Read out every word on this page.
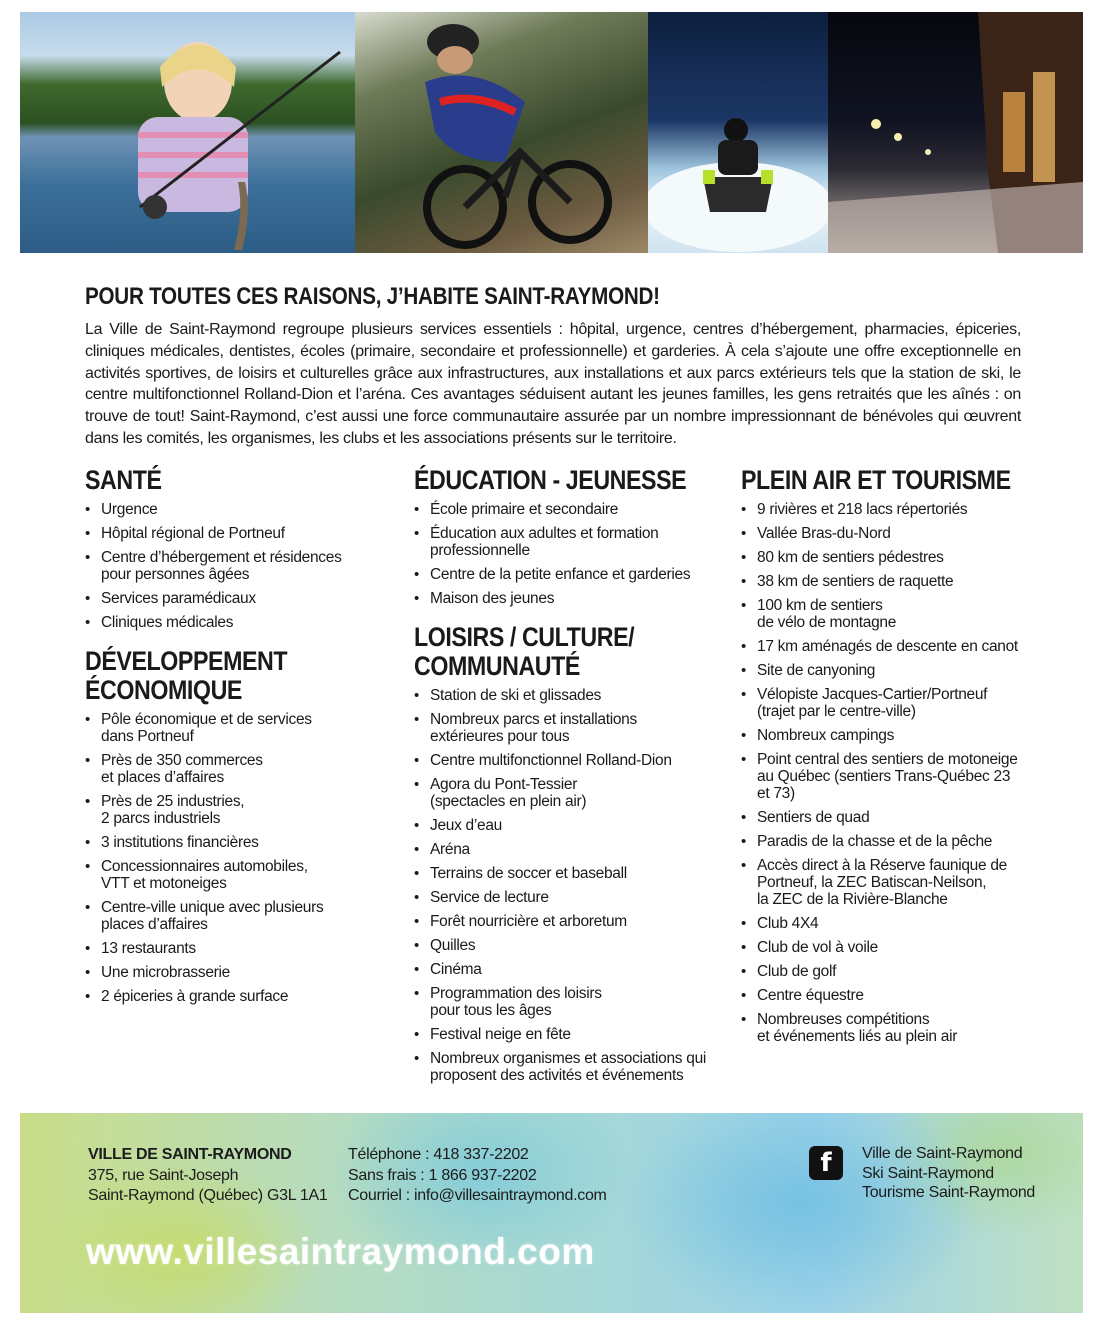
POUR TOUTES CES RAISONS, J’HABITE SAINT-RAYMOND!

La Ville de Saint-Raymond regroupe plusieurs services essentiels : hôpital, urgence, centres d’hébergement, pharmacies, épiceries, cliniques médicales, dentistes, écoles (primaire, secondaire et professionnelle) et garderies. À cela s’ajoute une offre exceptionnelle en activités sportives, de loisirs et culturelles grâce aux infrastructures, aux installations et aux parcs extérieurs tels que la station de ski, le centre multifonctionnel Rolland-Dion et l’aréna. Ces avantages séduisent autant les jeunes familles, les gens retraités que les aînés : on trouve de tout! Saint-Raymond, c’est aussi une force communautaire assurée par un nombre impressionnant de bénévoles qui œuvrent dans les comités, les organismes, les clubs et les associations présents sur le territoire.

SANTÉ
• Urgence
• Hôpital régional de Portneuf
• Centre d’hébergement et résidences
pour personnes âgées
• Services paramédicaux
• Cliniques médicales
DÉVELOPPEMENT
ÉCONOMIQUE
• Pôle économique et de services
dans Portneuf
• Près de 350 commerces
et places d’affaires
• Près de 25 industries,
2 parcs industriels
• 3 institutions financières
• Concessionnaires automobiles,
VTT et motoneiges
• Centre-ville unique avec plusieurs
places d’affaires
• 13 restaurants
• Une microbrasserie
• 2 épiceries à grande surface
ÉDUCATION - JEUNESSE
• École primaire et secondaire
• Éducation aux adultes et formation
professionnelle
• Centre de la petite enfance et garderies
• Maison des jeunes
LOISIRS / CULTURE/
COMMUNAUTÉ
• Station de ski et glissades
• Nombreux parcs et installations
extérieures pour tous
• Centre multifonctionnel Rolland-Dion
• Agora du Pont-Tessier
(spectacles en plein air)
• Jeux d’eau
• Aréna
• Terrains de soccer et baseball
• Service de lecture
• Forêt nourricière et arboretum
• Quilles
• Cinéma
• Programmation des loisirs
pour tous les âges
• Festival neige en fête
• Nombreux organismes et associations qui
proposent des activités et événements
PLEIN AIR ET TOURISME
• 9 rivières et 218 lacs répertoriés
• Vallée Bras-du-Nord
• 80 km de sentiers pédestres
• 38 km de sentiers de raquette
• 100 km de sentiers
de vélo de montagne
• 17 km aménagés de descente en canot
• Site de canyoning
• Vélopiste Jacques-Cartier/Portneuf
(trajet par le centre-ville)
• Nombreux campings
• Point central des sentiers de motoneige
au Québec (sentiers Trans-Québec 23
et 73)
• Sentiers de quad
• Paradis de la chasse et de la pêche
• Accès direct à la Réserve faunique de
Portneuf, la ZEC Batiscan-Neilson,
la ZEC de la Rivière-Blanche
• Club 4X4
• Club de vol à voile
• Club de golf
• Centre équestre
• Nombreuses compétitions
et événements liés au plein air
VILLE DE SAINT-RAYMOND
375, rue Saint-Joseph
Saint-Raymond (Québec) G3L 1A1
Téléphone : 418 337-2202
Sans frais : 1 866 937-2202
Courriel : info@villesaintraymond.com
f	Ville de Saint-Raymond
Ski Saint-Raymond
Tourisme Saint-Raymond

www.villesaintraymond.com
